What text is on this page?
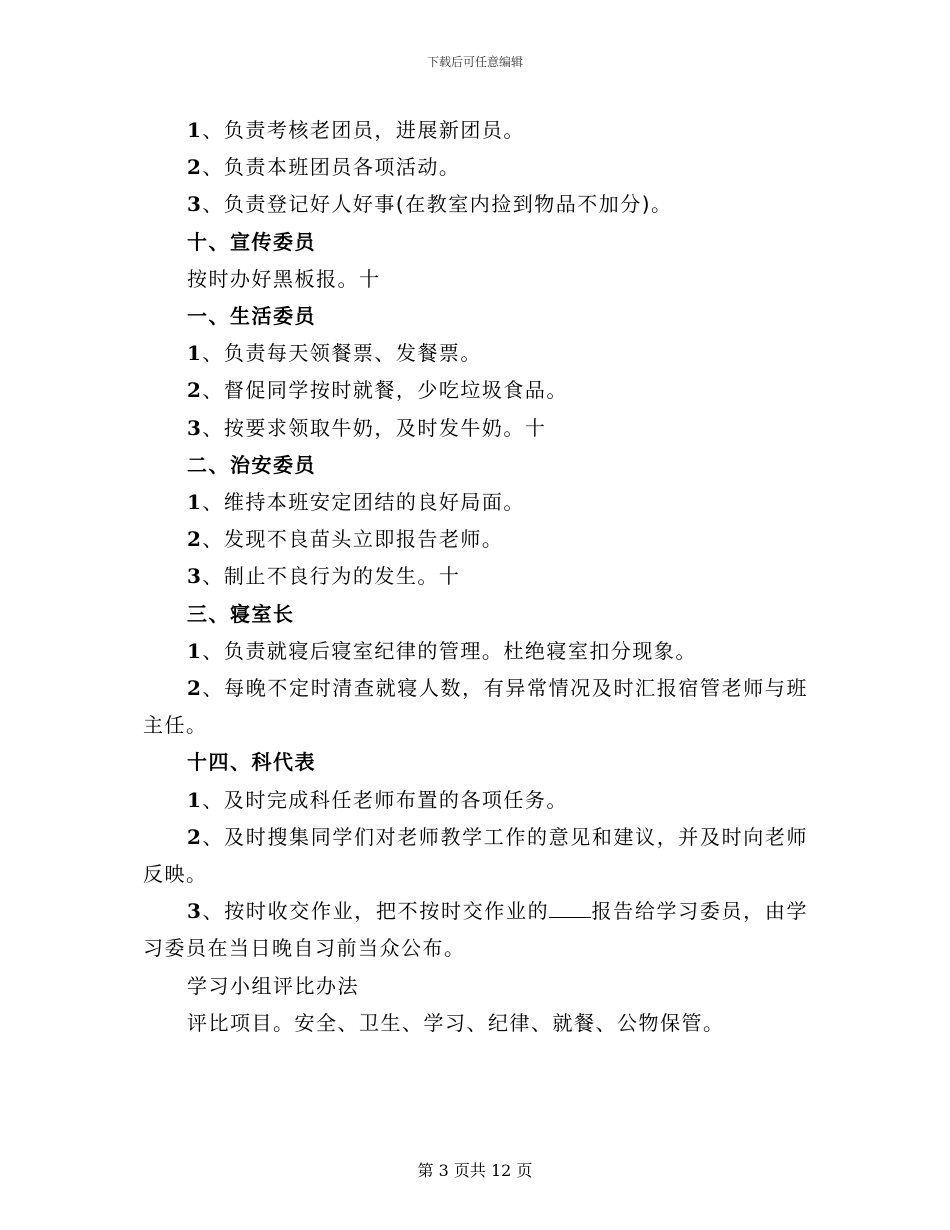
下载后可任意编辑
1、负责考核老团员，进展新团员。
2、负责本班团员各项活动。
3、负责登记好人好事(在教室内捡到物品不加分)。
十、宣传委员
按时办好黑板报。十
一、生活委员
1、负责每天领餐票、发餐票。
2、督促同学按时就餐，少吃垃圾食品。
3、按要求领取牛奶，及时发牛奶。十
二、治安委员
1、维持本班安定团结的良好局面。
2、发现不良苗头立即报告老师。
3、制止不良行为的发生。十
三、寝室长
1、负责就寝后寝室纪律的管理。杜绝寝室扣分现象。
2、每晚不定时清查就寝人数，有异常情况及时汇报宿管老师与班主任。
十四、科代表
1、及时完成科任老师布置的各项任务。
2、及时搜集同学们对老师教学工作的意见和建议，并及时向老师反映。
3、按时收交作业，把不按时交作业的 报告给学习委员，由学习委员在当日晚自习前当众公布。
学习小组评比办法
评比项目。安全、卫生、学习、纪律、就餐、公物保管。
第 3 页共 12 页
